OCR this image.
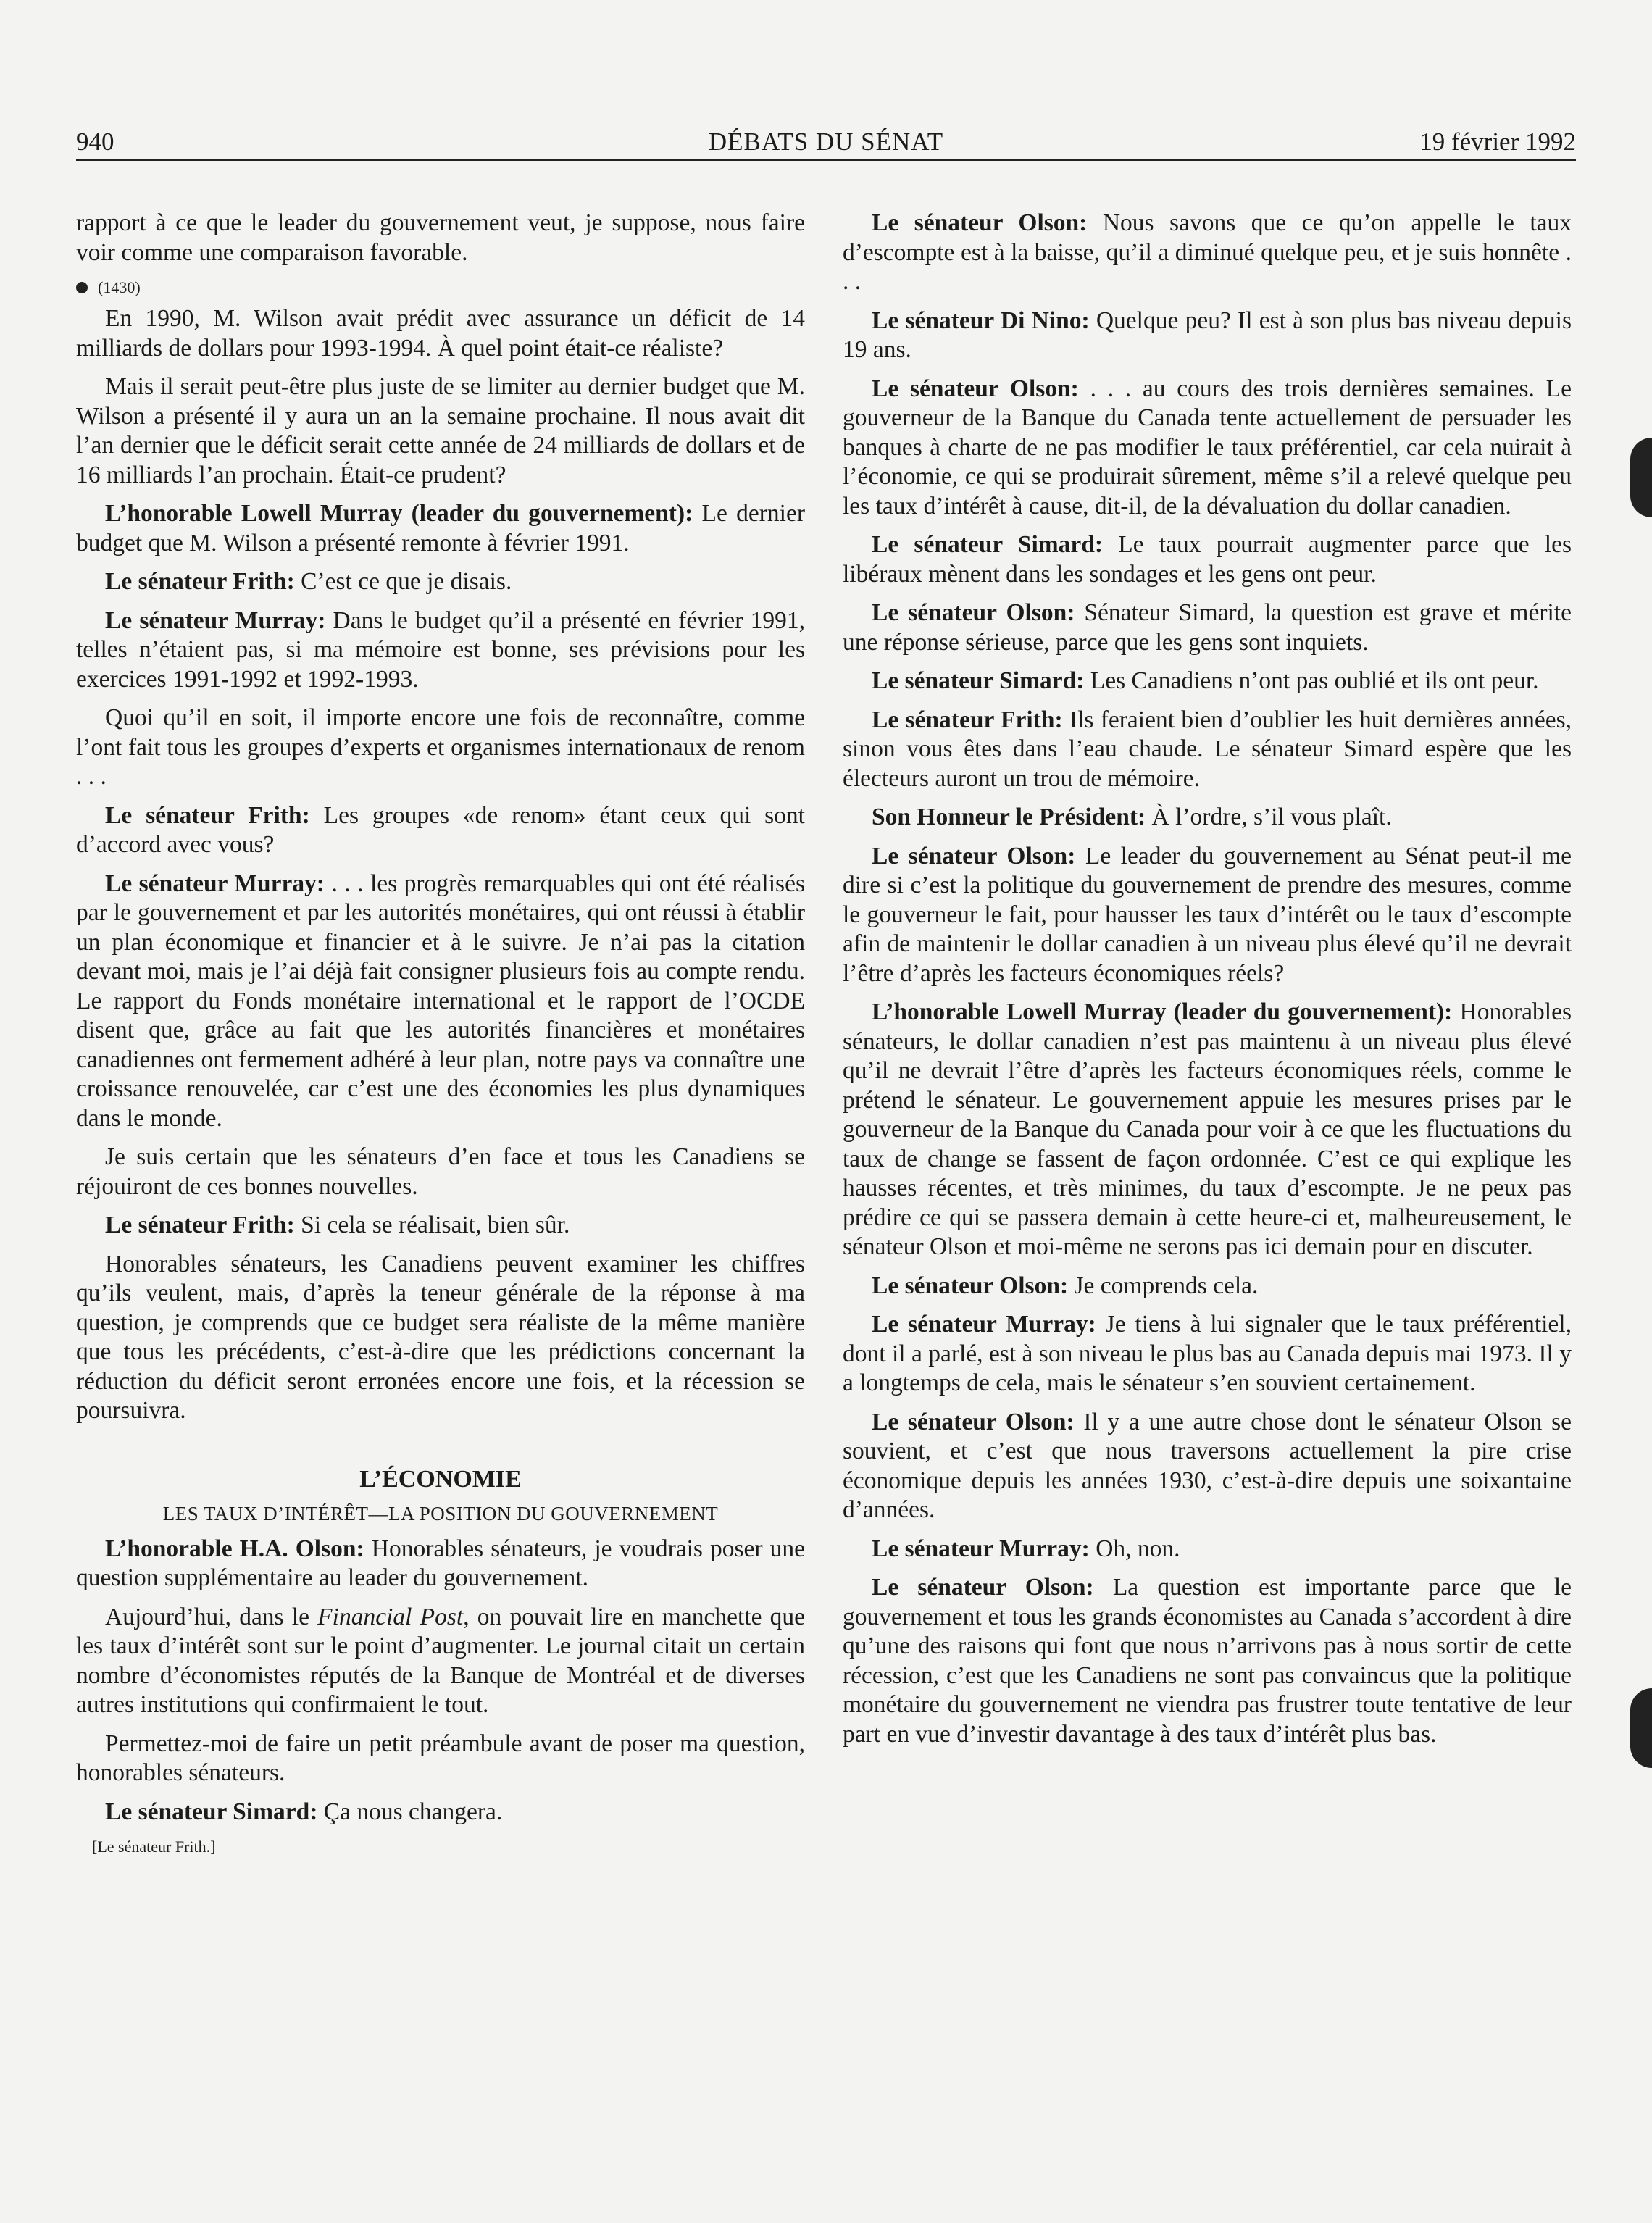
940	DÉBATS DU SÉNAT	19 février 1992

rapport à ce que le leader du gouvernement veut, je suppose, nous faire voir comme une comparaison favorable.

(1430)

En 1990, M. Wilson avait prédit avec assurance un déficit de 14 milliards de dollars pour 1993-1994. À quel point était-ce réaliste?

Mais il serait peut-être plus juste de se limiter au dernier budget que M. Wilson a présenté il y aura un an la semaine prochaine. Il nous avait dit l’an dernier que le déficit serait cette année de 24 milliards de dollars et de 16 milliards l’an prochain. Était-ce prudent?

L’honorable Lowell Murray (leader du gouvernement): Le dernier budget que M. Wilson a présenté remonte à février 1991.

Le sénateur Frith: C’est ce que je disais.

Le sénateur Murray: Dans le budget qu’il a présenté en février 1991, telles n’étaient pas, si ma mémoire est bonne, ses prévisions pour les exercices 1991-1992 et 1992-1993.

Quoi qu’il en soit, il importe encore une fois de reconnaître, comme l’ont fait tous les groupes d’experts et organismes internationaux de renom . . .

Le sénateur Frith: Les groupes «de renom» étant ceux qui sont d’accord avec vous?

Le sénateur Murray: . . . les progrès remarquables qui ont été réalisés par le gouvernement et par les autorités monétaires, qui ont réussi à établir un plan économique et financier et à le suivre. Je n’ai pas la citation devant moi, mais je l’ai déjà fait consigner plusieurs fois au compte rendu. Le rapport du Fonds monétaire international et le rapport de l’OCDE disent que, grâce au fait que les autorités financières et monétaires canadiennes ont fermement adhéré à leur plan, notre pays va connaître une croissance renouvelée, car c’est une des économies les plus dynamiques dans le monde.

Je suis certain que les sénateurs d’en face et tous les Canadiens se réjouiront de ces bonnes nouvelles.

Le sénateur Frith: Si cela se réalisait, bien sûr.

Honorables sénateurs, les Canadiens peuvent examiner les chiffres qu’ils veulent, mais, d’après la teneur générale de la réponse à ma question, je comprends que ce budget sera réaliste de la même manière que tous les précédents, c’est-à-dire que les prédictions concernant la réduction du déficit seront erronées encore une fois, et la récession se poursuivra.

L’ÉCONOMIE
LES TAUX D’INTÉRÊT—LA POSITION DU GOUVERNEMENT

L’honorable H.A. Olson: Honorables sénateurs, je voudrais poser une question supplémentaire au leader du gouvernement.

Aujourd’hui, dans le Financial Post, on pouvait lire en manchette que les taux d’intérêt sont sur le point d’augmenter. Le journal citait un certain nombre d’économistes réputés de la Banque de Montréal et de diverses autres institutions qui confirmaient le tout.

Permettez-moi de faire un petit préambule avant de poser ma question, honorables sénateurs.

Le sénateur Simard: Ça nous changera.

[Le sénateur Frith.]

Le sénateur Olson: Nous savons que ce qu’on appelle le taux d’escompte est à la baisse, qu’il a diminué quelque peu, et je suis honnête . . .

Le sénateur Di Nino: Quelque peu? Il est à son plus bas niveau depuis 19 ans.

Le sénateur Olson: . . . au cours des trois dernières semaines. Le gouverneur de la Banque du Canada tente actuellement de persuader les banques à charte de ne pas modifier le taux préférentiel, car cela nuirait à l’économie, ce qui se produirait sûrement, même s’il a relevé quelque peu les taux d’intérêt à cause, dit-il, de la dévaluation du dollar canadien.

Le sénateur Simard: Le taux pourrait augmenter parce que les libéraux mènent dans les sondages et les gens ont peur.

Le sénateur Olson: Sénateur Simard, la question est grave et mérite une réponse sérieuse, parce que les gens sont inquiets.

Le sénateur Simard: Les Canadiens n’ont pas oublié et ils ont peur.

Le sénateur Frith: Ils feraient bien d’oublier les huit dernières années, sinon vous êtes dans l’eau chaude. Le sénateur Simard espère que les électeurs auront un trou de mémoire.

Son Honneur le Président: À l’ordre, s’il vous plaît.

Le sénateur Olson: Le leader du gouvernement au Sénat peut-il me dire si c’est la politique du gouvernement de prendre des mesures, comme le gouverneur le fait, pour hausser les taux d’intérêt ou le taux d’escompte afin de maintenir le dollar canadien à un niveau plus élevé qu’il ne devrait l’être d’après les facteurs économiques réels?

L’honorable Lowell Murray (leader du gouvernement): Honorables sénateurs, le dollar canadien n’est pas maintenu à un niveau plus élevé qu’il ne devrait l’être d’après les facteurs économiques réels, comme le prétend le sénateur. Le gouvernement appuie les mesures prises par le gouverneur de la Banque du Canada pour voir à ce que les fluctuations du taux de change se fassent de façon ordonnée. C’est ce qui explique les hausses récentes, et très minimes, du taux d’escompte. Je ne peux pas prédire ce qui se passera demain à cette heure-ci et, malheureusement, le sénateur Olson et moi-même ne serons pas ici demain pour en discuter.

Le sénateur Olson: Je comprends cela.

Le sénateur Murray: Je tiens à lui signaler que le taux préférentiel, dont il a parlé, est à son niveau le plus bas au Canada depuis mai 1973. Il y a longtemps de cela, mais le sénateur s’en souvient certainement.

Le sénateur Olson: Il y a une autre chose dont le sénateur Olson se souvient, et c’est que nous traversons actuellement la pire crise économique depuis les années 1930, c’est-à-dire depuis une soixantaine d’années.

Le sénateur Murray: Oh, non.

Le sénateur Olson: La question est importante parce que le gouvernement et tous les grands économistes au Canada s’accordent à dire qu’une des raisons qui font que nous n’arrivons pas à nous sortir de cette récession, c’est que les Canadiens ne sont pas convaincus que la politique monétaire du gouvernement ne viendra pas frustrer toute tentative de leur part en vue d’investir davantage à des taux d’intérêt plus bas.
